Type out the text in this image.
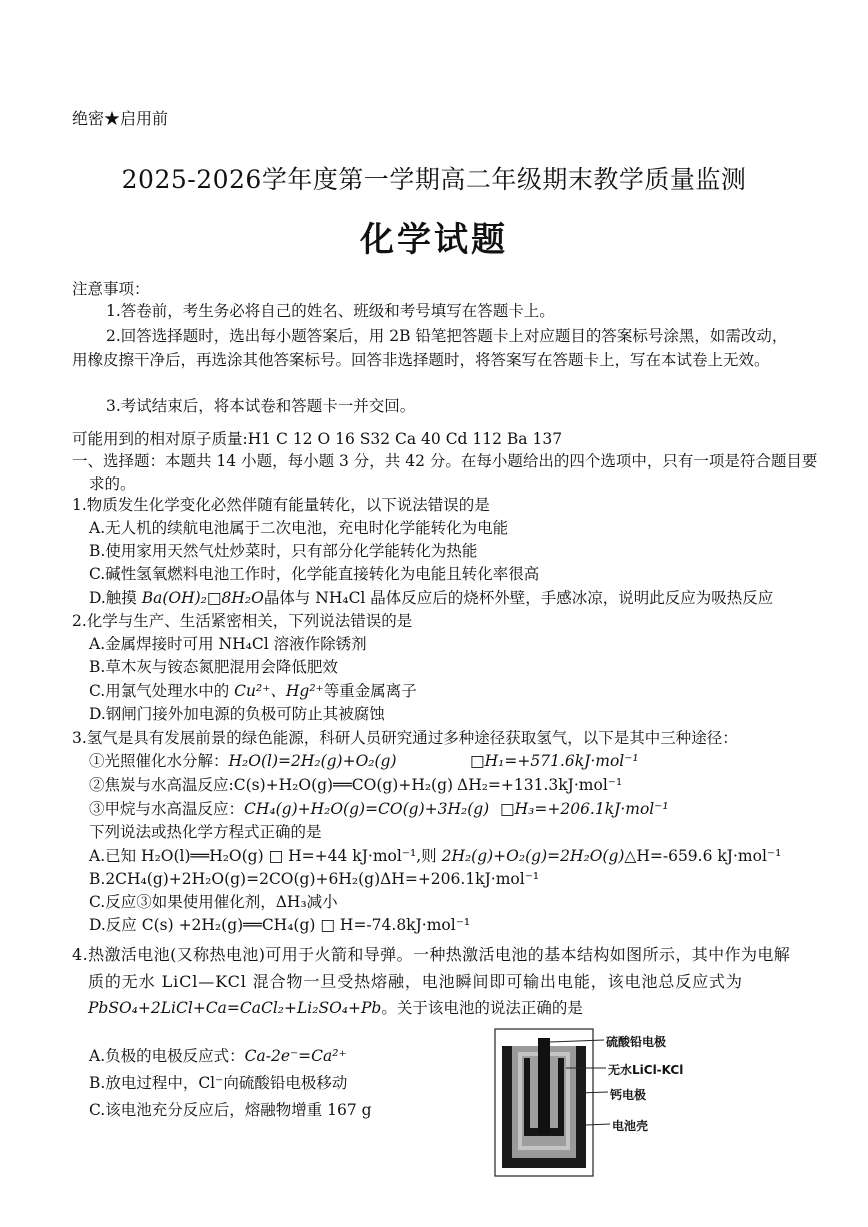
绝密★启用前
2025-2026学年度第一学期高二年级期末教学质量监测
化学试题
注意事项：
1.答卷前，考生务必将自己的姓名、班级和考号填写在答题卡上。
2.回答选择题时，选出每小题答案后，用 2B 铅笔把答题卡上对应题目的答案标号涂黑，如需改动，用橡皮擦干净后，再选涂其他答案标号。回答非选择题时，将答案写在答题卡上，写在本试卷上无效。
3.考试结束后，将本试卷和答题卡一并交回。
可能用到的相对原子质量:H1 C 12 O 16 S32 Ca 40 Cd 112 Ba 137
一、选择题：本题共 14 小题，每小题 3 分，共 42 分。在每小题给出的四个选项中，只有一项是符合题目要求的。
1.物质发生化学变化必然伴随有能量转化，以下说法错误的是
A.无人机的续航电池属于二次电池，充电时化学能转化为电能
B.使用家用天然气灶炒菜时，只有部分化学能转化为热能
C.碱性氢氧燃料电池工作时，化学能直接转化为电能且转化率很高
D.触摸 Ba(OH)₂□8H₂O晶体与 NH₄Cl 晶体反应后的烧杯外壁，手感冰凉，说明此反应为吸热反应
2.化学与生产、生活紧密相关，下列说法错误的是
A.金属焊接时可用 NH₄Cl 溶液作除锈剂
B.草木灰与铵态氮肥混用会降低肥效
C.用氯气处理水中的 Cu²⁺、Hg²⁺等重金属离子
D.钢闸门接外加电源的负极可防止其被腐蚀
3.氢气是具有发展前景的绿色能源，科研人员研究通过多种途径获取氢气，以下是其中三种途径：
①光照催化水分解：H₂O(l)=2H₂(g)+O₂(g)	□H₁=+571.6kJ·mol⁻¹
②焦炭与水高温反应:C(s)+H₂O(g)══CO(g)+H₂(g) ΔH₂=+131.3kJ·mol⁻¹
③甲烷与水高温反应：CH₄(g)+H₂O(g)=CO(g)+3H₂(g) □H₃=+206.1kJ·mol⁻¹
下列说法或热化学方程式正确的是
A.已知 H₂O(l)══H₂O(g) □ H=+44 kJ·mol⁻¹,则 2H₂(g)+O₂(g)=2H₂O(g)△H=-659.6 kJ·mol⁻¹
B.2CH₄(g)+2H₂O(g)=2CO(g)+6H₂(g)ΔH=+206.1kJ·mol⁻¹
C.反应③如果使用催化剂，ΔH₃减小
D.反应 C(s) +2H₂(g)══CH₄(g) □ H=-74.8kJ·mol⁻¹
4.热激活电池(又称热电池)可用于火箭和导弹。一种热激活电池的基本结构如图所示，其中作为电解
质的无水 LiCl—KCl 混合物一旦受热熔融，电池瞬间即可输出电能，该电池总反应式为
PbSO₄+2LiCl+Ca=CaCl₂+Li₂SO₄+Pb。关于该电池的说法正确的是
A.负极的电极反应式：Ca-2e⁻=Ca²⁺
B.放电过程中，Cl⁻向硫酸铅电极移动
C.该电池充分反应后，熔融物增重 167 g
硫酸铅电极
无水LiCl-KCl
钙电极
电池壳
